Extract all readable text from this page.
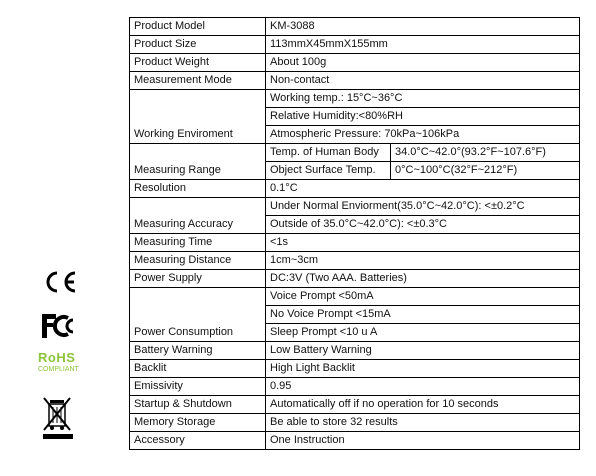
Product Model	KM-3088	
Product Size	113mmX45mmX155mm	
Product Weight	About 100g	
Measurement Mode	Non-contact	
Working Enviroment	Working temp.: 15°C~36°C	
	Relative Humidity:<80%RH	
	Atmospheric Pressure: 70kPa~106kPa	
Measuring Range	Temp. of Human Body	34.0°C~42.0°(93.2°F~107.6°F)
	Object Surface Temp.	0°C~100°C(32°F~212°F)
Resolution	0.1°C	
Measuring Accuracy	Under Normal Enviorment(35.0°C~42.0°C): <±0.2°C	
	Outside of 35.0°C~42.0°C): <±0.3°C	
Measuring Time	<1s	
Measuring Distance	1cm~3cm	
Power Supply	DC:3V (Two AAA. Batteries)	
Power Consumption	Voice Prompt <50mA	
	No Voice Prompt <15mA	
	Sleep Prompt <10 u A	
Battery Warning	Low Battery Warning	
Backlit	High Light Backlit	
Emissivity	0.95	
Startup & Shutdown	Automatically off if no operation for 10 seconds	
Memory Storage	Be able to store 32 results	
Accessory	One Instruction	
RoHS
COMPLIANT
